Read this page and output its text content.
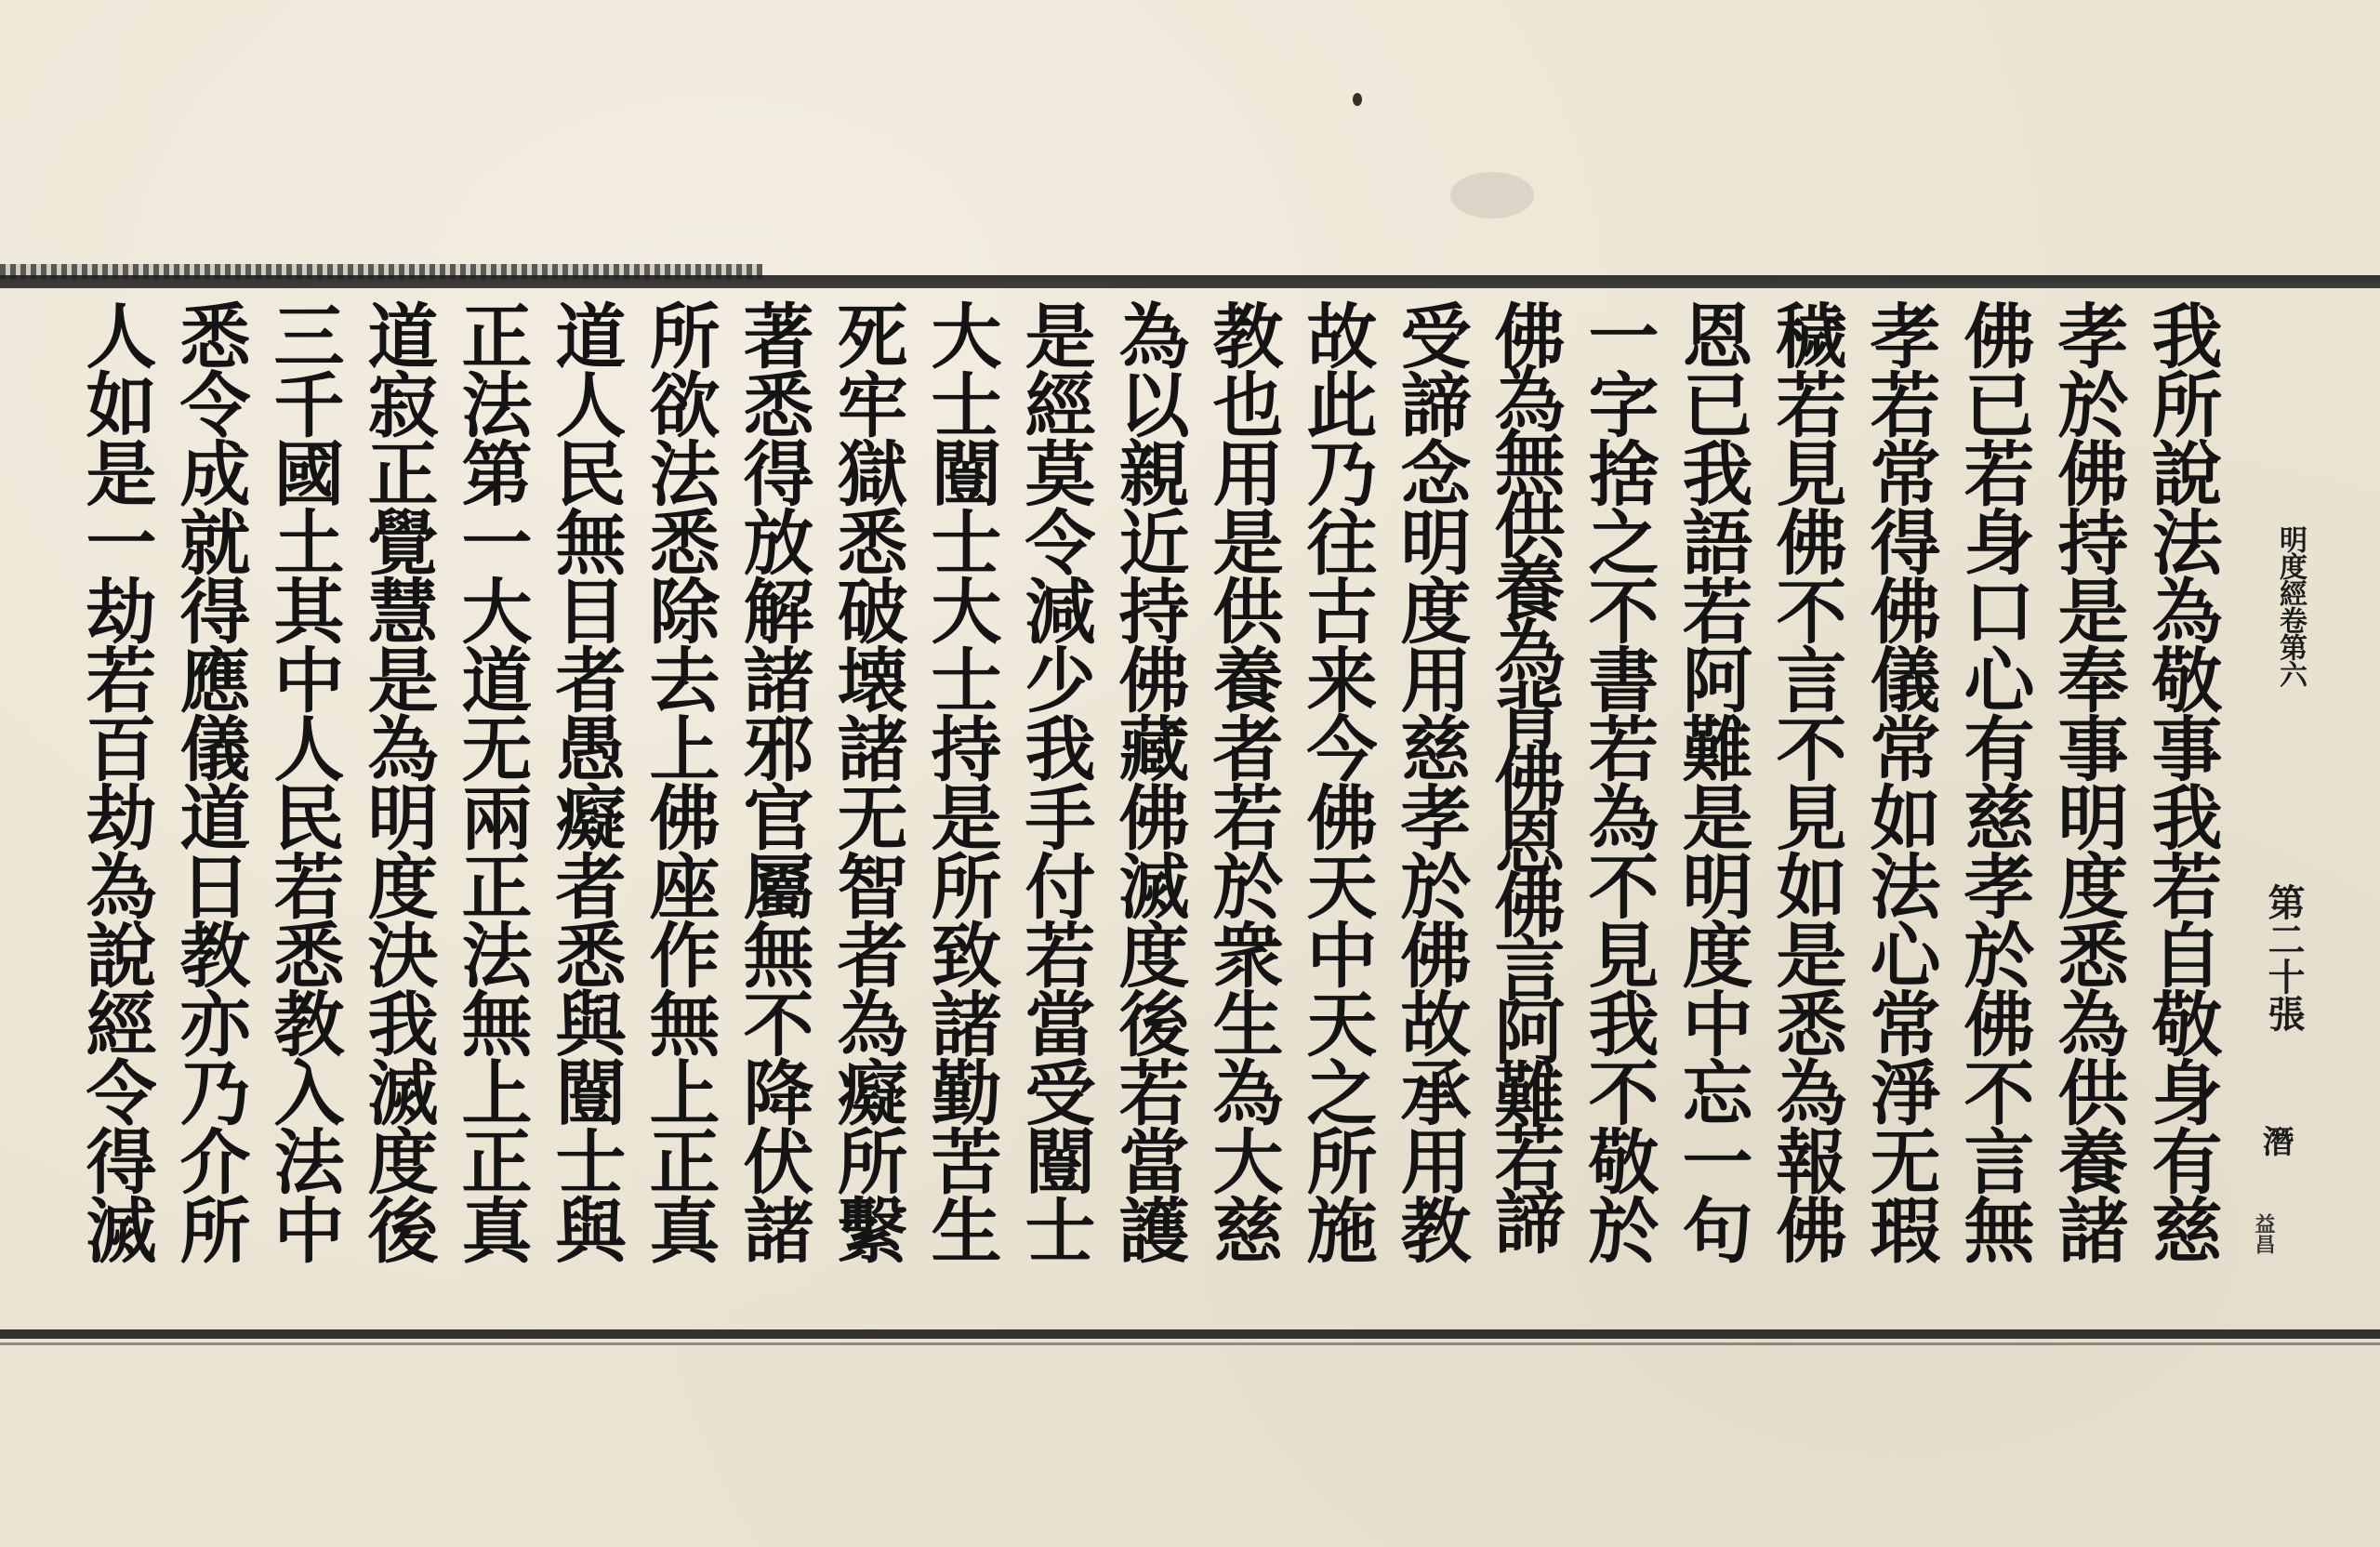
明度經卷第六
第二十張
潛
益昌
我所說法為敬事我若自敬身有慈
孝於佛持是奉事明度悉為供養諸
佛已若身口心有慈孝於佛不言無
孝若常得佛儀常如法心常淨无瑕
穢若見佛不言不見如是悉為報佛
恩已我語若阿難是明度中忘一句
一字捨之不書若為不見我不敬於
佛為無供養為背佛恩佛言阿難若諦
受諦念明度用慈孝於佛故承用教
故此乃往古来今佛天中天之所施
教也用是供養者若於衆生為大慈
為以親近持佛藏佛滅度後若當護
是經莫令減少我手付若當受闓士
大士闓士大士持是所致諸勤苦生
死牢獄悉破壊諸无智者為癡所繫
著悉得放解諸邪官屬無不降伏諸
所欲法悉除去上佛座作無上正真
道人民無目者愚癡者悉與闓士與
正法第一大道无兩正法無上正真
道寂正覺慧是為明度決我滅度後
三千國土其中人民若悉教入法中
悉令成就得應儀道日教亦乃介所
人如是一劫若百劫為說經令得滅
